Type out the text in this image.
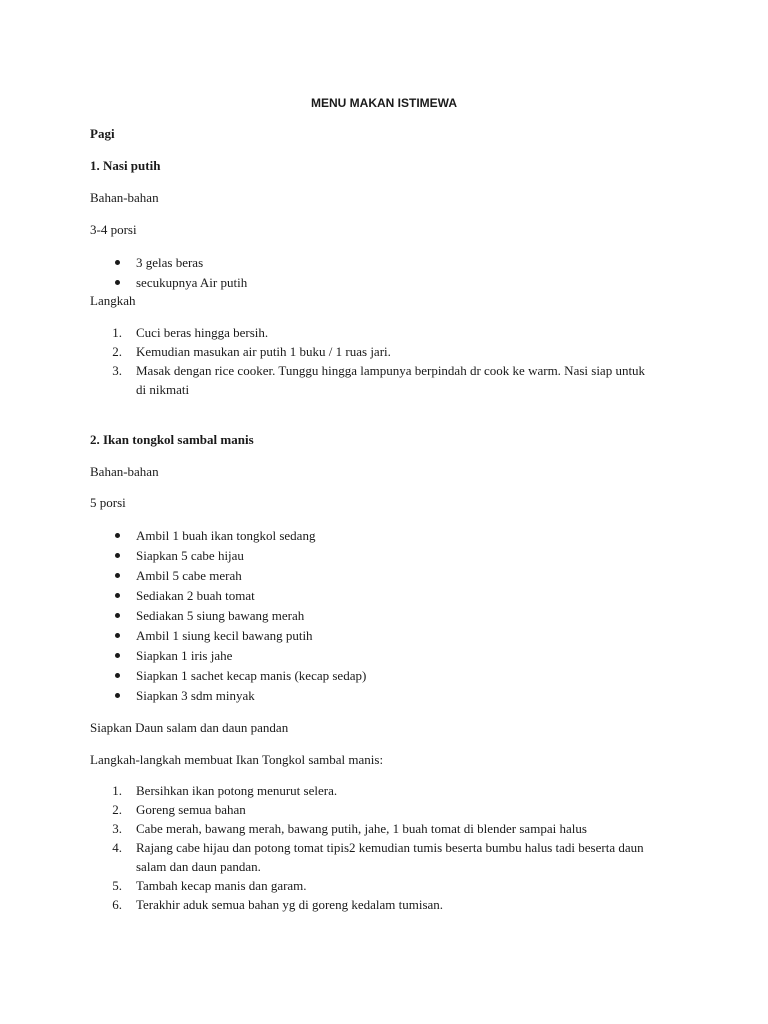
MENU MAKAN ISTIMEWA
Pagi
1. Nasi putih
Bahan-bahan
3-4 porsi
3 gelas beras
secukupnya Air putih
Langkah
1. Cuci beras hingga bersih.
2. Kemudian masukan air putih 1 buku / 1 ruas jari.
3. Masak dengan rice cooker. Tunggu hingga lampunya berpindah dr cook ke warm. Nasi siap untuk
di nikmati
2. Ikan tongkol sambal manis
Bahan-bahan
5 porsi
Ambil 1 buah ikan tongkol sedang
Siapkan 5 cabe hijau
Ambil 5 cabe merah
Sediakan 2 buah tomat
Sediakan 5 siung bawang merah
Ambil 1 siung kecil bawang putih
Siapkan 1 iris jahe
Siapkan 1 sachet kecap manis (kecap sedap)
Siapkan 3 sdm minyak
Siapkan Daun salam dan daun pandan
Langkah-langkah membuat Ikan Tongkol sambal manis:
1. Bersihkan ikan potong menurut selera.
2. Goreng semua bahan
3. Cabe merah, bawang merah, bawang putih, jahe, 1 buah tomat di blender sampai halus
4. Rajang cabe hijau dan potong tomat tipis2 kemudian tumis beserta bumbu halus tadi beserta daun
salam dan daun pandan.
5. Tambah kecap manis dan garam.
6. Terakhir aduk semua bahan yg di goreng kedalam tumisan.
